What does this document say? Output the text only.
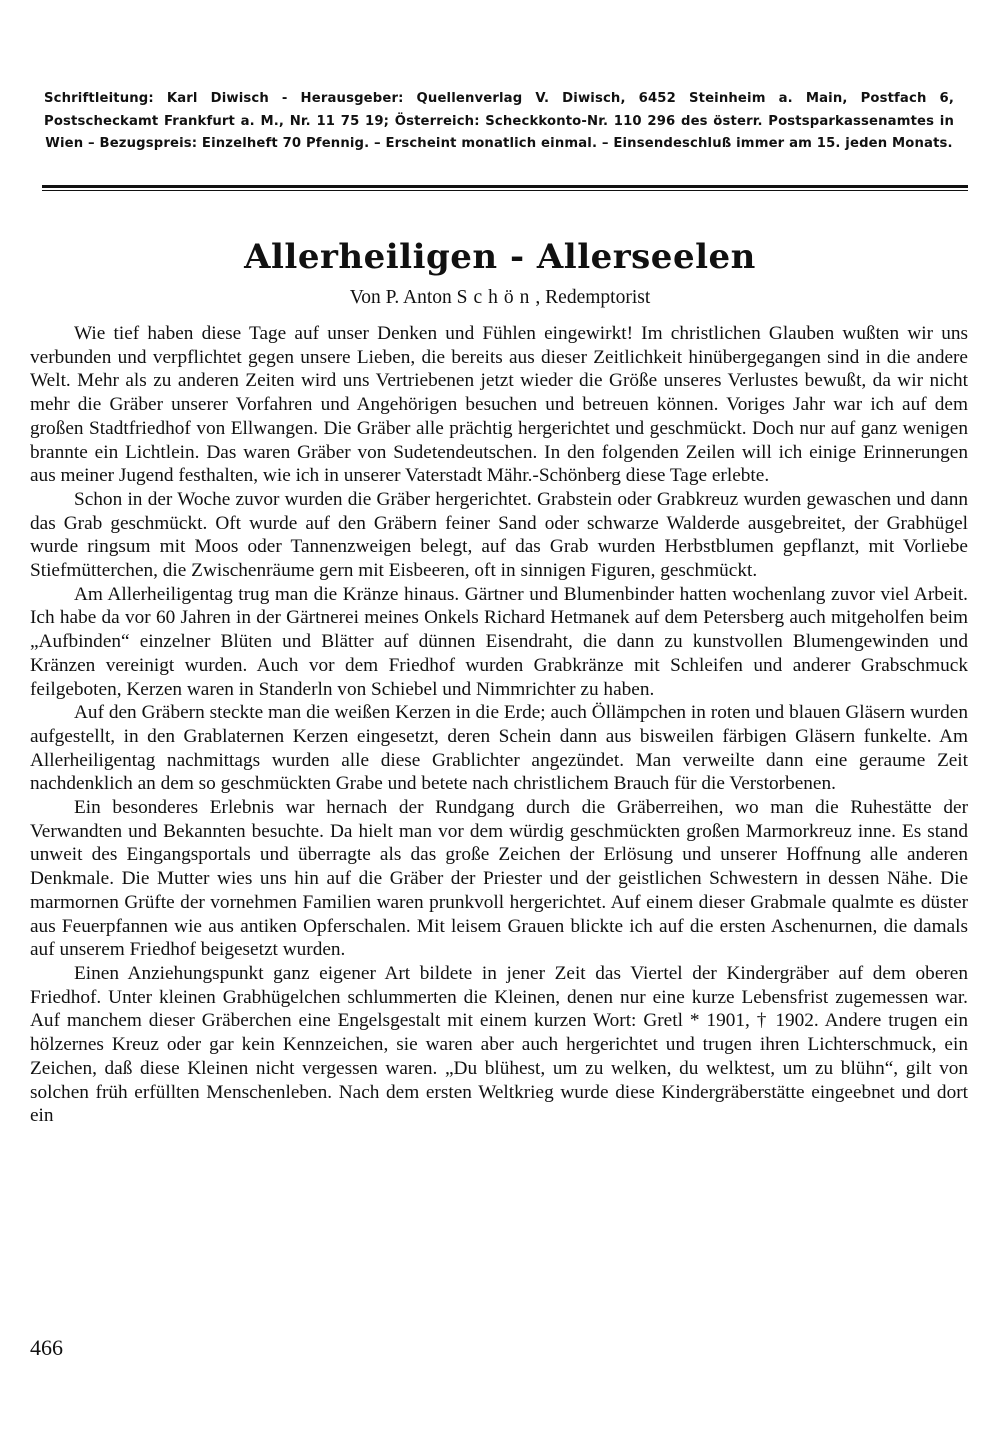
Schriftleitung: Karl Diwisch - Herausgeber: Quellenverlag V. Diwisch, 6452 Steinheim a. Main, Postfach 6, Postscheckamt Frankfurt a. M., Nr. 11 75 19; Österreich: Scheckkonto-Nr. 110 296 des österr. Postsparkassenamtes in Wien – Bezugspreis: Einzelheft 70 Pfennig. – Erscheint monatlich einmal. – Einsendeschluß immer am 15. jeden Monats.
Allerheiligen - Allerseelen
Von P. Anton Schön, Redemptorist

Wie tief haben diese Tage auf unser Denken und Fühlen eingewirkt! Im christlichen Glauben wußten wir uns verbunden und verpflichtet gegen unsere Lieben, die bereits aus dieser Zeitlichkeit hinübergegangen sind in die andere Welt. Mehr als zu anderen Zeiten wird uns Vertriebenen jetzt wieder die Größe unseres Verlustes bewußt, da wir nicht mehr die Gräber unserer Vorfahren und Angehörigen besuchen und betreuen können. Voriges Jahr war ich auf dem großen Stadtfriedhof von Ellwangen. Die Gräber alle prächtig hergerichtet und geschmückt. Doch nur auf ganz wenigen brannte ein Lichtlein. Das waren Gräber von Sudetendeutschen. In den folgenden Zeilen will ich einige Erinnerungen aus meiner Jugend festhalten, wie ich in unserer Vaterstadt Mähr.-Schönberg diese Tage erlebte.

Schon in der Woche zuvor wurden die Gräber hergerichtet. Grabstein oder Grabkreuz wurden gewaschen und dann das Grab geschmückt. Oft wurde auf den Gräbern feiner Sand oder schwarze Walderde ausgebreitet, der Grabhügel wurde ringsum mit Moos oder Tannenzweigen belegt, auf das Grab wurden Herbstblumen gepflanzt, mit Vorliebe Stiefmütterchen, die Zwischenräume gern mit Eisbeeren, oft in sinnigen Figuren, geschmückt.

Am Allerheiligentag trug man die Kränze hinaus. Gärtner und Blumenbinder hatten wochenlang zuvor viel Arbeit. Ich habe da vor 60 Jahren in der Gärtnerei meines Onkels Richard Hetmanek auf dem Petersberg auch mitgeholfen beim „Aufbinden“ einzelner Blüten und Blätter auf dünnen Eisendraht, die dann zu kunstvollen Blumengewinden und Kränzen vereinigt wurden. Auch vor dem Friedhof wurden Grabkränze mit Schleifen und anderer Grabschmuck feilgeboten, Kerzen waren in Standerln von Schiebel und Nimmrichter zu haben.

Auf den Gräbern steckte man die weißen Kerzen in die Erde; auch Öllämpchen in roten und blauen Gläsern wurden aufgestellt, in den Grablaternen Kerzen eingesetzt, deren Schein dann aus bisweilen färbigen Gläsern funkelte. Am Allerheiligentag nachmittags wurden alle diese Grablichter angezündet. Man verweilte dann eine geraume Zeit nachdenklich an dem so geschmückten Grabe und betete nach christlichem Brauch für die Verstorbenen.

Ein besonderes Erlebnis war hernach der Rundgang durch die Gräberreihen, wo man die Ruhestätte der Verwandten und Bekannten besuchte. Da hielt man vor dem würdig geschmückten großen Marmorkreuz inne. Es stand unweit des Eingangsportals und überragte als das große Zeichen der Erlösung und unserer Hoffnung alle anderen Denkmale. Die Mutter wies uns hin auf die Gräber der Priester und der geistlichen Schwestern in dessen Nähe. Die marmornen Grüfte der vornehmen Familien waren prunkvoll hergerichtet. Auf einem dieser Grabmale qualmte es düster aus Feuerpfannen wie aus antiken Opferschalen. Mit leisem Grauen blickte ich auf die ersten Aschenurnen, die damals auf unserem Friedhof beigesetzt wurden.

Einen Anziehungspunkt ganz eigener Art bildete in jener Zeit das Viertel der Kindergräber auf dem oberen Friedhof. Unter kleinen Grabhügelchen schlummerten die Kleinen, denen nur eine kurze Lebensfrist zugemessen war. Auf manchem dieser Gräberchen eine Engelsgestalt mit einem kurzen Wort: Gretl * 1901, † 1902. Andere trugen ein hölzernes Kreuz oder gar kein Kennzeichen, sie waren aber auch hergerichtet und trugen ihren Lichterschmuck, ein Zeichen, daß diese Kleinen nicht vergessen waren. „Du blühest, um zu welken, du welktest, um zu blühn“, gilt von solchen früh erfüllten Menschenleben. Nach dem ersten Weltkrieg wurde diese Kindergräberstätte eingeebnet und dort ein

466
